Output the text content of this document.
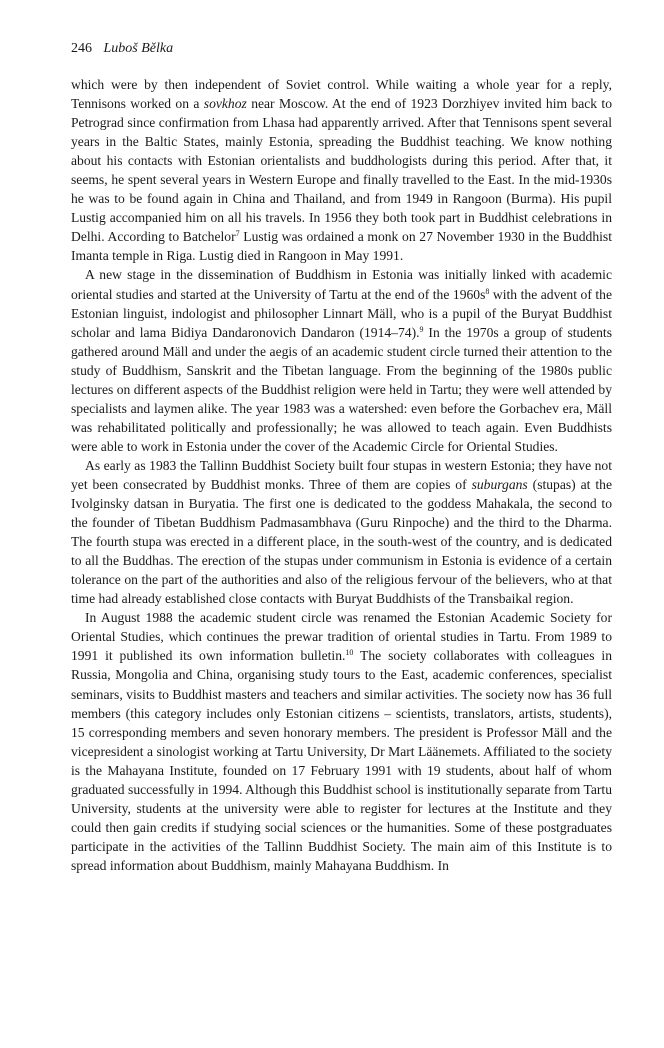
246 Luboš Bělka

which were by then independent of Soviet control. While waiting a whole year for a reply, Tennisons worked on a sovkhoz near Moscow. At the end of 1923 Dorzhiyev invited him back to Petrograd since confirmation from Lhasa had apparently arrived. After that Tennisons spent several years in the Baltic States, mainly Estonia, spreading the Buddhist teaching. We know nothing about his contacts with Estonian orientalists and buddhologists during this period. After that, it seems, he spent several years in Western Europe and finally travelled to the East. In the mid-1930s he was to be found again in China and Thailand, and from 1949 in Rangoon (Burma). His pupil Lustig accompanied him on all his travels. In 1956 they both took part in Buddhist celebrations in Delhi. According to Batchelor$^7$ Lustig was ordained a monk on 27 November 1930 in the Buddhist Imanta temple in Riga. Lustig died in Rangoon in May 1991.

A new stage in the dissemination of Buddhism in Estonia was initially linked with academic oriental studies and started at the University of Tartu at the end of the $1960s^8$ with the advent of the Estonian linguist, indologist and philosopher Linnart Mäll, who is a pupil of the Buryat Buddhist scholar and lama Bidiya Dandaronovich Dandaron (1914–74).$^9$ In the 1970s a group of students gathered around Mäll and under the aegis of an academic student circle turned their attention to the study of Buddhism, Sanskrit and the Tibetan language. From the beginning of the 1980s public lectures on different aspects of the Buddhist religion were held in Tartu; they were well attended by specialists and laymen alike. The year 1983 was a watershed: even before the Gorbachev era, Mäll was rehabilitated politically and professionally; he was allowed to teach again. Even Buddhists were able to work in Estonia under the cover of the Academic Circle for Oriental Studies.

As early as 1983 the Tallinn Buddhist Society built four stupas in western Estonia; they have not yet been consecrated by Buddhist monks. Three of them are copies of suburgans (stupas) at the Ivolginsky datsan in Buryatia. The first one is dedicated to the goddess Mahakala, the second to the founder of Tibetan Buddhism Padmasambhava (Guru Rinpoche) and the third to the Dharma. The fourth stupa was erected in a different place, in the south-west of the country, and is dedicated to all the Buddhas. The erection of the stupas under communism in Estonia is evidence of a certain tolerance on the part of the authorities and also of the religious fervour of the believers, who at that time had already established close contacts with Buryat Buddhists of the Transbaikal region.

In August 1988 the academic student circle was renamed the Estonian Academic Society for Oriental Studies, which continues the prewar tradition of oriental studies in Tartu. From 1989 to 1991 it published its own information bulletin.$^{10}$ The society collaborates with colleagues in Russia, Mongolia and China, organising study tours to the East, academic conferences, specialist seminars, visits to Buddhist masters and teachers and similar activities. The society now has 36 full members (this category includes only Estonian citizens – scientists, translators, artists, students), 15 corresponding members and seven honorary members. The president is Professor Mäll and the vicepresident a sinologist working at Tartu University, Dr Mart Läänemets. Affiliated to the society is the Mahayana Institute, founded on 17 February 1991 with 19 students, about half of whom graduated successfully in 1994. Although this Buddhist school is institutionally separate from Tartu University, students at the university were able to register for lectures at the Institute and they could then gain credits if studying social sciences or the humanities. Some of these postgraduates participate in the activities of the Tallinn Buddhist Society. The main aim of this Institute is to spread information about Buddhism, mainly Mahayana Buddhism. In
